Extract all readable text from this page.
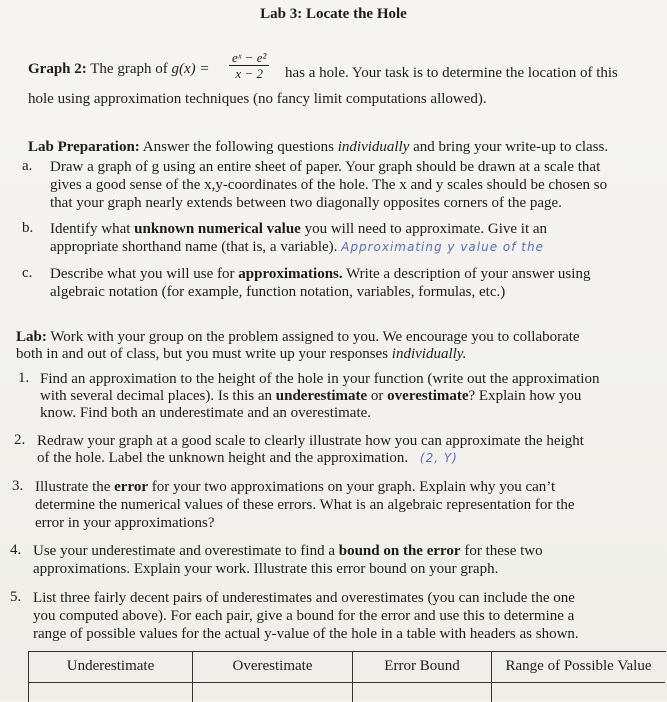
Lab 3: Locate the Hole
Graph 2: The graph of $g(x) = \frac{\text{eˣ − e²}}{x - 2}$ has a hole. Your task is to determine the location of this
hole using approximation techniques (no fancy limit computations allowed).
Lab Preparation: Answer the following questions individually and bring your write-up to class.
a. Draw a graph of g using an entire sheet of paper. Your graph should be drawn at a scale that
gives a good sense of the x,y-coordinates of the hole. The x and y scales should be chosen so
that your graph nearly extends between two diagonally opposites corners of the page.
b. Identify what unknown numerical value you will need to approximate. Give it an
appropriate shorthand name (that is, a variable). Approximating y value of the
c. Describe what you will use for approximations. Write a description of your answer using
algebraic notation (for example, function notation, variables, formulas, etc.)
Lab: Work with your group on the problem assigned to you. We encourage you to collaborate
both in and out of class, but you must write up your responses individually.
1. Find an approximation to the height of the hole in your function (write out the approximation
with several decimal places). Is this an underestimate or overestimate? Explain how you
know. Find both an underestimate and an overestimate.
2. Redraw your graph at a good scale to clearly illustrate how you can approximate the height
of the hole. Label the unknown height and the approximation. (2, Y)
3. Illustrate the error for your two approximations on your graph. Explain why you can’t
determine the numerical values of these errors. What is an algebraic representation for the
error in your approximations?
4. Use your underestimate and overestimate to find a bound on the error for these two
approximations. Explain your work. Illustrate this error bound on your graph.
5. List three fairly decent pairs of underestimates and overestimates (you can include the one
you computed above). For each pair, give a bound for the error and use this to determine a
range of possible values for the actual y-value of the hole in a table with headers as shown.
Underestimate	Overestimate	Error Bound	Range of Possible Value
